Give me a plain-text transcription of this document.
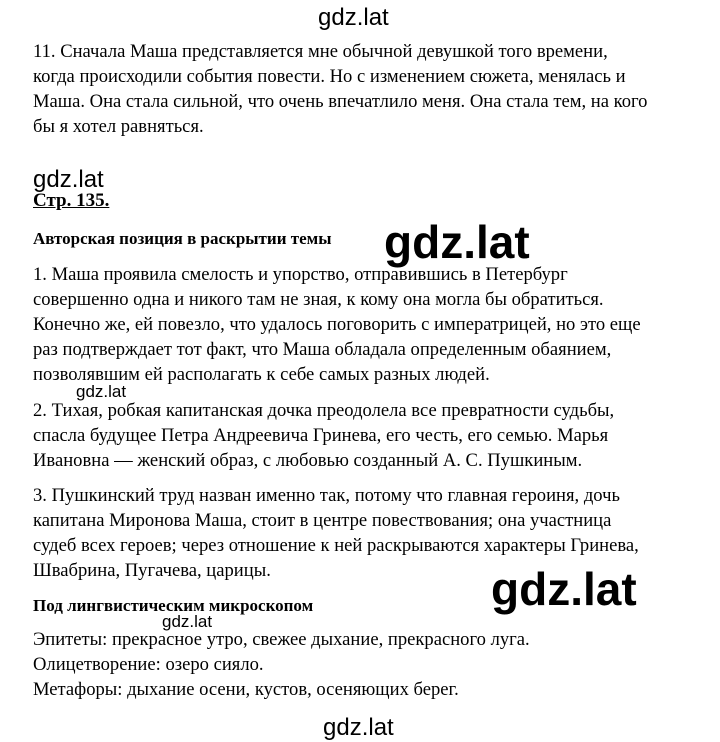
gdz.lat
gdz.lat
gdz.lat
gdz.lat
gdz.lat
gdz.lat
gdz.lat
11. Сначала Маша представляется мне обычной девушкой того времени,
когда происходили события повести. Но с изменением сюжета, менялась и
Маша. Она стала сильной, что очень впечатлило меня. Она стала тем, на кого
бы я хотел равняться.
Стр. 135.
Авторская позиция в раскрытии темы
1. Маша проявила смелость и упорство, отправившись в Петербург
совершенно одна и никого там не зная, к кому она могла бы обратиться.
Конечно же, ей повезло, что удалось поговорить с императрицей, но это еще
раз подтверждает тот факт, что Маша обладала определенным обаянием,
позволявшим ей располагать к себе самых разных людей.
2. Тихая, робкая капитанская дочка преодолела все превратности судьбы,
спасла будущее Петра Андреевича Гринева, его честь, его семью. Марья
Ивановна — женский образ, с любовью созданный А. С. Пушкиным.
3. Пушкинский труд назван именно так, потому что главная героиня, дочь
капитана Миронова Маша, стоит в центре повествования; она участница
судеб всех героев; через отношение к ней раскрываются характеры Гринева,
Швабрина, Пугачева, царицы.
Под лингвистическим микроскопом
Эпитеты: прекрасное утро, свежее дыхание, прекрасного луга.
Олицетворение: озеро сияло.
Метафоры: дыхание осени, кустов, осеняющих берег.
